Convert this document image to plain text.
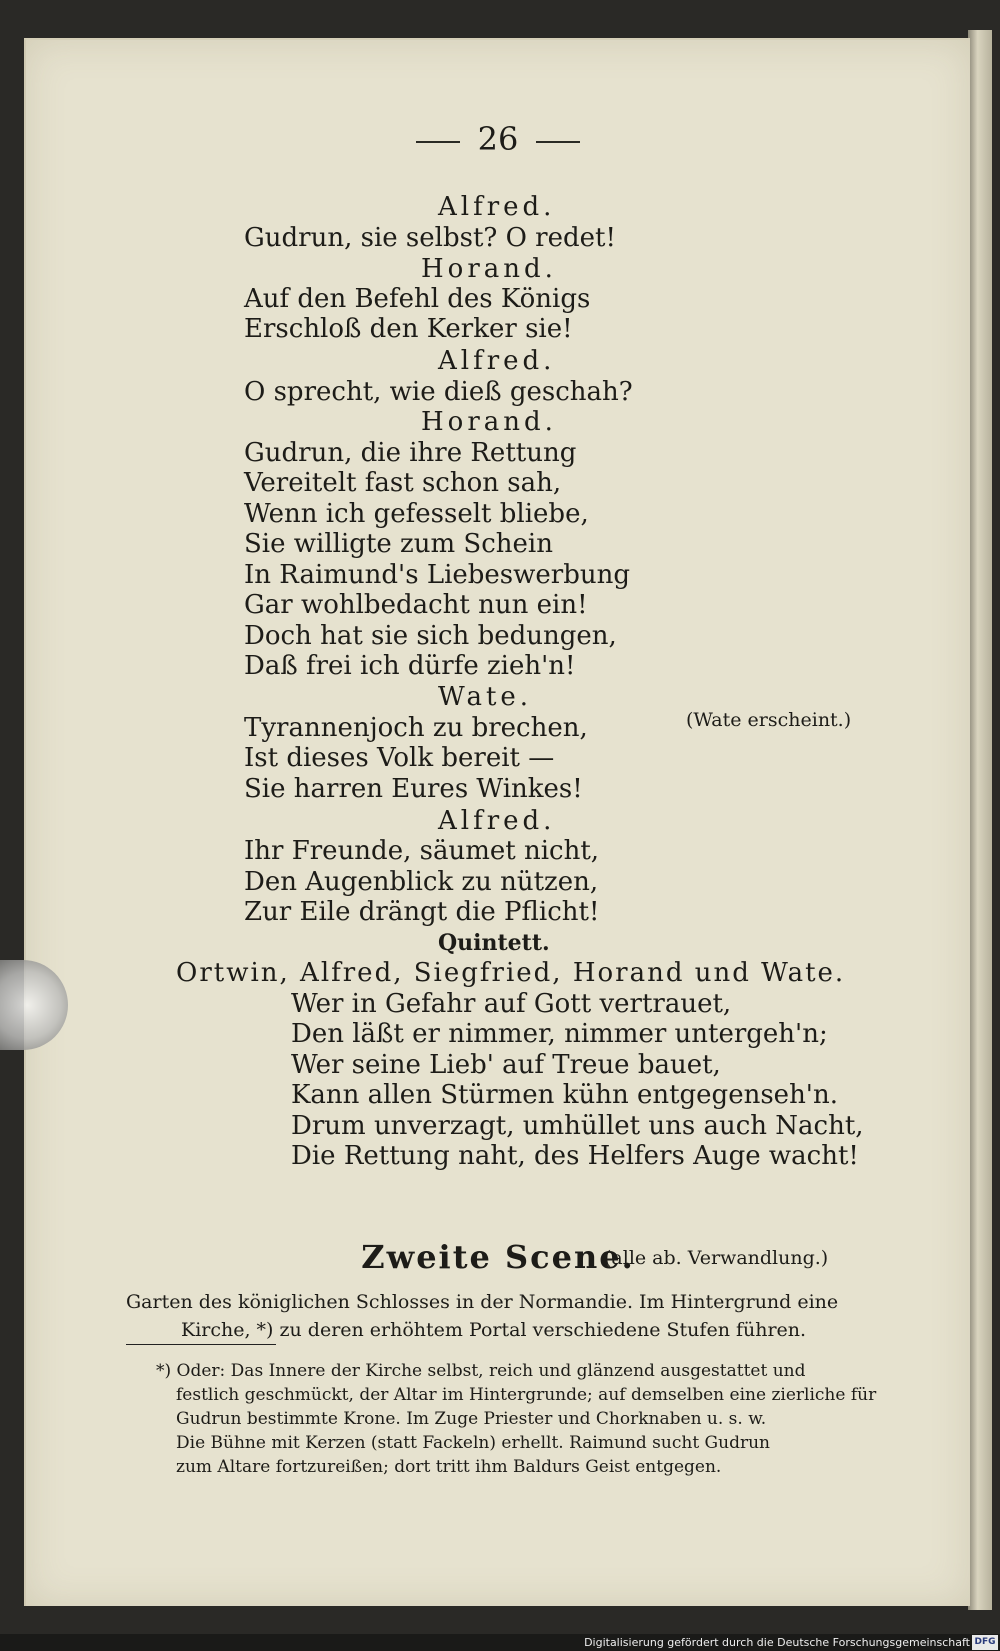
26
Alfred.
Gudrun, sie selbst? O redet!
Horand.
Auf den Befehl des Königs
Erschloß den Kerker sie!
Alfred.
O sprecht, wie dieß geschah?
Horand.
Gudrun, die ihre Rettung
Vereitelt fast schon sah,
Wenn ich gefesselt bliebe,
Sie willigte zum Schein
In Raimund's Liebeswerbung
Gar wohlbedacht nun ein!
Doch hat sie sich bedungen,
Daß frei ich dürfe zieh'n!
Wate.
Tyrannenjoch zu brechen,
Ist dieses Volk bereit —
Sie harren Eures Winkes!
Alfred.
Ihr Freunde, säumet nicht,
Den Augenblick zu nützen,
Zur Eile drängt die Pflicht!
Quintett.
Ortwin, Alfred, Siegfried, Horand und Wate.
Wer in Gefahr auf Gott vertrauet,
Den läßt er nimmer, nimmer untergeh'n;
Wer seine Lieb' auf Treue bauet,
Kann allen Stürmen kühn entgegenseh'n.
Drum unverzagt, umhüllet uns auch Nacht,
Die Rettung naht, des Helfers Auge wacht!
(Wate erscheint.)
(alle ab. Verwandlung.)
Zweite Scene.
Garten des königlichen Schlosses in der Normandie. Im Hintergrund eine
Kirche, *) zu deren erhöhtem Portal verschiedene Stufen führen.
*) Oder: Das Innere der Kirche selbst, reich und glänzend ausgestattet und
festlich geschmückt, der Altar im Hintergrunde; auf demselben eine zierliche für
Gudrun bestimmte Krone. Im Zuge Priester und Chorknaben u. s. w.
Die Bühne mit Kerzen (statt Fackeln) erhellt. Raimund sucht Gudrun
zum Altare fortzureißen; dort tritt ihm Baldurs Geist entgegen.
Digitalisierung gefördert durch die Deutsche Forschungsgemeinschaft DFG
